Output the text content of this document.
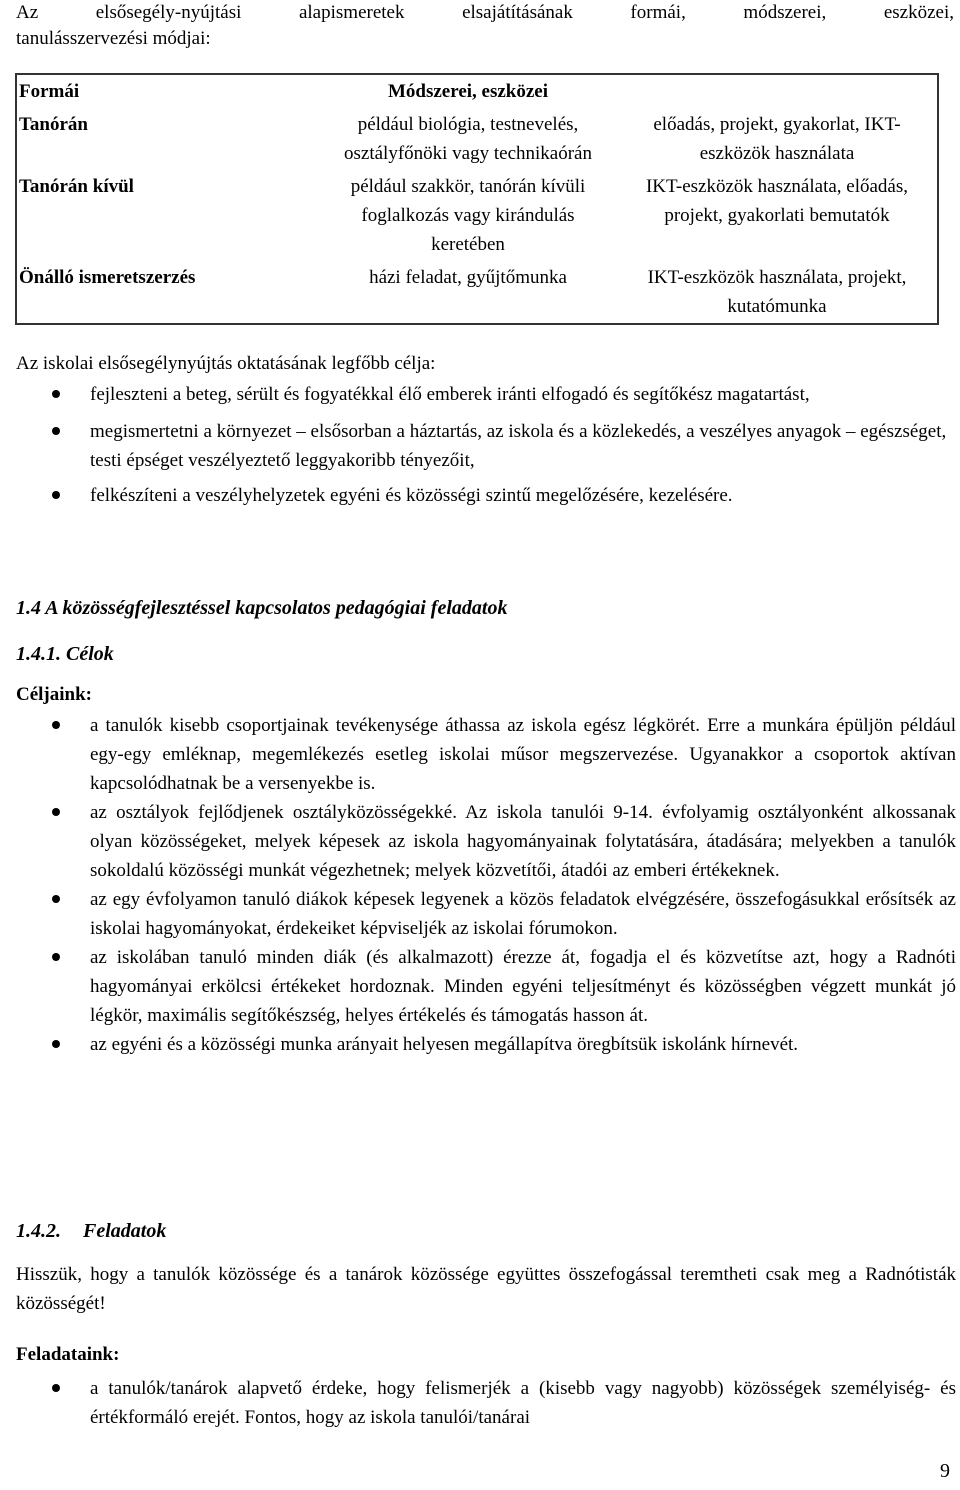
Az elsősegély-nyújtási alapismeretek elsajátításának formái, módszerei, eszközei,
tanulásszervezési módjai:
Formái	Módszerei, eszközei	
Tanórán	például biológia, testnevelés, osztályfőnöki vagy technikaórán	előadás, projekt, gyakorlat, IKT-eszközök használata
Tanórán kívül	például szakkör, tanórán kívüli foglalkozás vagy kirándulás keretében	IKT-eszközök használata, előadás, projekt, gyakorlati bemutatók
Önálló ismeretszerzés	házi feladat, gyűjtőmunka	IKT-eszközök használata, projekt, kutatómunka
Az iskolai elsősegélynyújtás oktatásának legfőbb célja:
fejleszteni a beteg, sérült és fogyatékkal élő emberek iránti elfogadó és segítőkész magatartást,
megismertetni a környezet – elsősorban a háztartás, az iskola és a közlekedés, a veszélyes anyagok – egészséget, testi épséget veszélyeztető leggyakoribb tényezőit,
felkészíteni a veszélyhelyzetek egyéni és közösségi szintű megelőzésére, kezelésére.
1.4 A közösségfejlesztéssel kapcsolatos pedagógiai feladatok
1.4.1. Célok
Céljaink:
a tanulók kisebb csoportjainak tevékenysége áthassa az iskola egész légkörét. Erre a munkára épüljön például egy-egy emléknap, megemlékezés esetleg iskolai műsor megszervezése. Ugyanakkor a csoportok aktívan kapcsolódhatnak be a versenyekbe is.
az osztályok fejlődjenek osztályközösségekké. Az iskola tanulói 9-14. évfolyamig osztályonként alkossanak olyan közösségeket, melyek képesek az iskola hagyományainak folytatására, átadására; melyekben a tanulók sokoldalú közösségi munkát végezhetnek; melyek közvetítői, átadói az emberi értékeknek.
az egy évfolyamon tanuló diákok képesek legyenek a közös feladatok elvégzésére, összefogásukkal erősítsék az iskolai hagyományokat, érdekeiket képviseljék az iskolai fórumokon.
az iskolában tanuló minden diák (és alkalmazott) érezze át, fogadja el és közvetítse azt, hogy a Radnóti hagyományai erkölcsi értékeket hordoznak. Minden egyéni teljesítményt és közösségben végzett munkát jó légkör, maximális segítőkészség, helyes értékelés és támogatás hasson át.
az egyéni és a közösségi munka arányait helyesen megállapítva öregbítsük iskolánk hírnevét.
1.4.2. Feladatok
Hisszük, hogy a tanulók közössége és a tanárok közössége együttes összefogással teremtheti csak meg a Radnótisták közösségét!
Feladataink:
a tanulók/tanárok alapvető érdeke, hogy felismerjék a (kisebb vagy nagyobb) közösségek személyiség- és értékformáló erejét. Fontos, hogy az iskola tanulói/tanárai
9
